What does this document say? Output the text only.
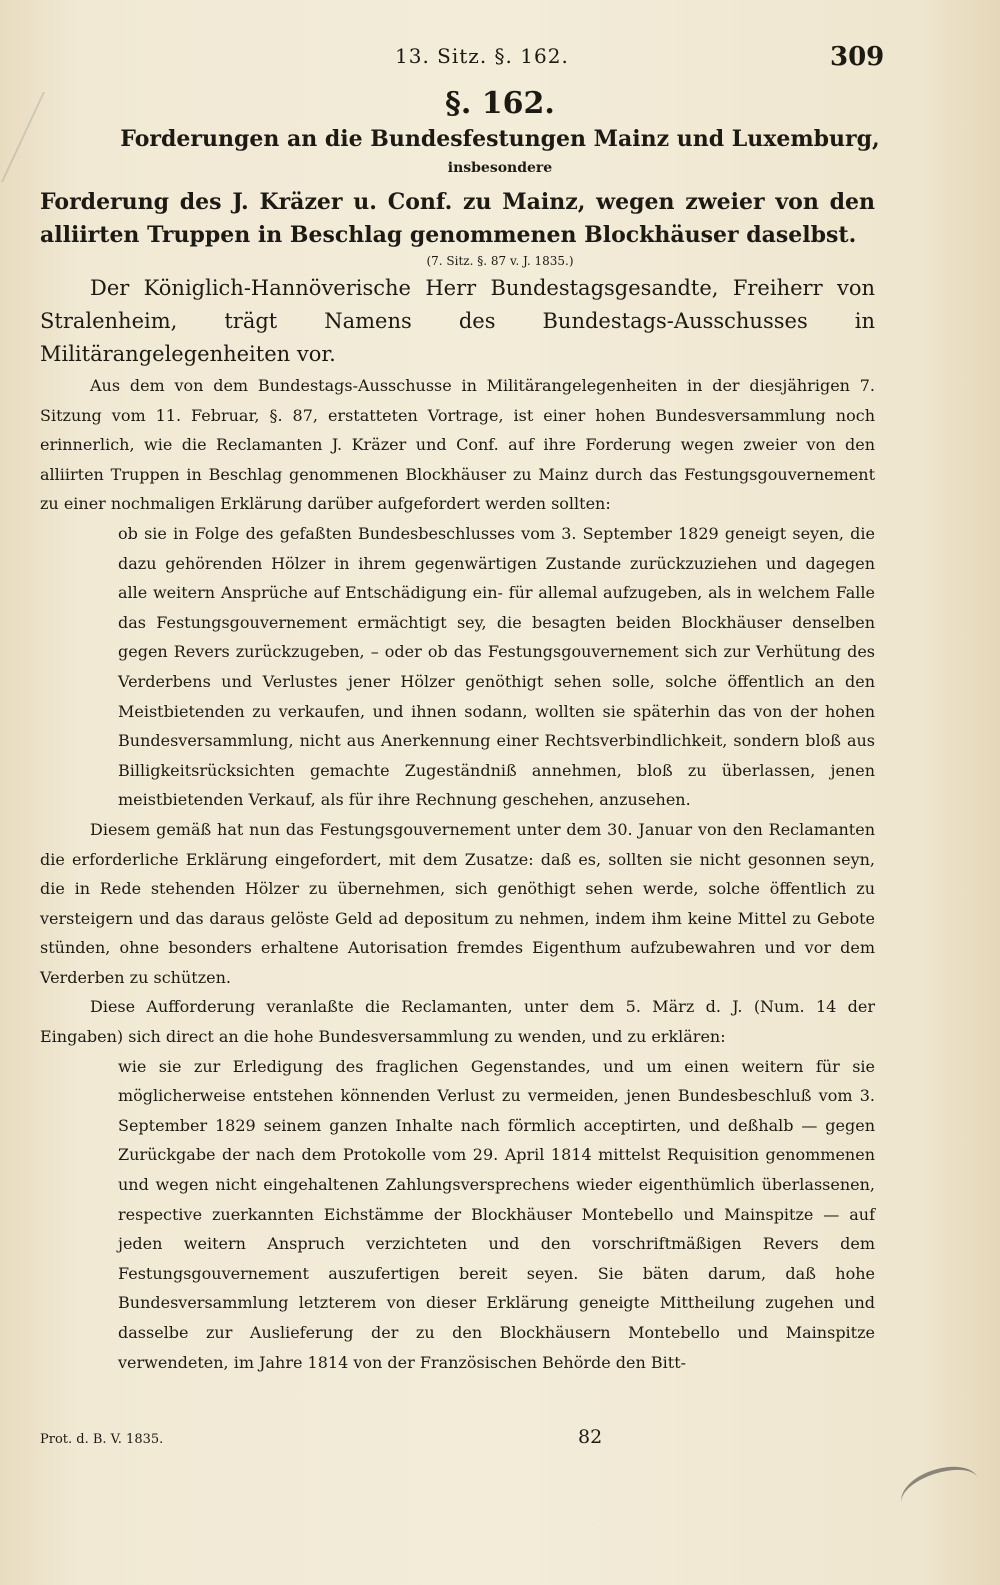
13. Sitz. §. 162.	309
§. 162.
Forderungen an die Bundesfestungen Mainz und Luxemburg,
insbesondere
Forderung des J. Kräzer u. Conf. zu Mainz, wegen zweier von den alliirten Truppen in Beschlag genommenen Blockhäuser daselbst.
(7. Sitz. §. 87 v. J. 1835.)

Der Königlich-Hannöverische Herr Bundestagsgesandte, Freiherr von Stralenheim, trägt Namens des Bundestags-Ausschusses in Militärangelegenheiten vor.

Aus dem von dem Bundestags-Ausschusse in Militärangelegenheiten in der diesjährigen 7. Sitzung vom 11. Februar, §. 87, erstatteten Vortrage, ist einer hohen Bundesversammlung noch erinnerlich, wie die Reclamanten J. Kräzer und Conf. auf ihre Forderung wegen zweier von den alliirten Truppen in Beschlag genommenen Blockhäuser zu Mainz durch das Festungsgouvernement zu einer nochmaligen Erklärung darüber aufgefordert werden sollten:

ob sie in Folge des gefaßten Bundesbeschlusses vom 3. September 1829 geneigt seyen, die dazu gehörenden Hölzer in ihrem gegenwärtigen Zustande zurückzuziehen und dagegen alle weitern Ansprüche auf Entschädigung ein- für allemal aufzugeben, als in welchem Falle das Festungsgouvernement ermächtigt sey, die besagten beiden Blockhäuser denselben gegen Revers zurückzugeben, – oder ob das Festungsgouvernement sich zur Verhütung des Verderbens und Verlustes jener Hölzer genöthigt sehen solle, solche öffentlich an den Meistbietenden zu verkaufen, und ihnen sodann, wollten sie späterhin das von der hohen Bundesversammlung, nicht aus Anerkennung einer Rechtsverbindlichkeit, sondern bloß aus Billigkeitsrücksichten gemachte Zugeständniß annehmen, bloß zu überlassen, jenen meistbietenden Verkauf, als für ihre Rechnung geschehen, anzusehen.

Diesem gemäß hat nun das Festungsgouvernement unter dem 30. Januar von den Reclamanten die erforderliche Erklärung eingefordert, mit dem Zusatze: daß es, sollten sie nicht gesonnen seyn, die in Rede stehenden Hölzer zu übernehmen, sich genöthigt sehen werde, solche öffentlich zu versteigern und das daraus gelöste Geld ad depositum zu nehmen, indem ihm keine Mittel zu Gebote stünden, ohne besonders erhaltene Autorisation fremdes Eigenthum aufzubewahren und vor dem Verderben zu schützen.

Diese Aufforderung veranlaßte die Reclamanten, unter dem 5. März d. J. (Num. 14 der Eingaben) sich direct an die hohe Bundesversammlung zu wenden, und zu erklären:

wie sie zur Erledigung des fraglichen Gegenstandes, und um einen weitern für sie möglicherweise entstehen könnenden Verlust zu vermeiden, jenen Bundesbeschluß vom 3. September 1829 seinem ganzen Inhalte nach förmlich acceptirten, und deßhalb — gegen Zurückgabe der nach dem Protokolle vom 29. April 1814 mittelst Requisition genommenen und wegen nicht eingehaltenen Zahlungsversprechens wieder eigenthümlich überlassenen, respective zuerkannten Eichstämme der Blockhäuser Montebello und Mainspitze — auf jeden weitern Anspruch verzichteten und den vorschriftmäßigen Revers dem Festungsgouvernement auszufertigen bereit seyen. Sie bäten darum, daß hohe Bundesversammlung letzterem von dieser Erklärung geneigte Mittheilung zugehen und dasselbe zur Auslieferung der zu den Blockhäusern Montebello und Mainspitze verwendeten, im Jahre 1814 von der Französischen Behörde den Bitt-

Prot. d. B. V. 1835.	82
